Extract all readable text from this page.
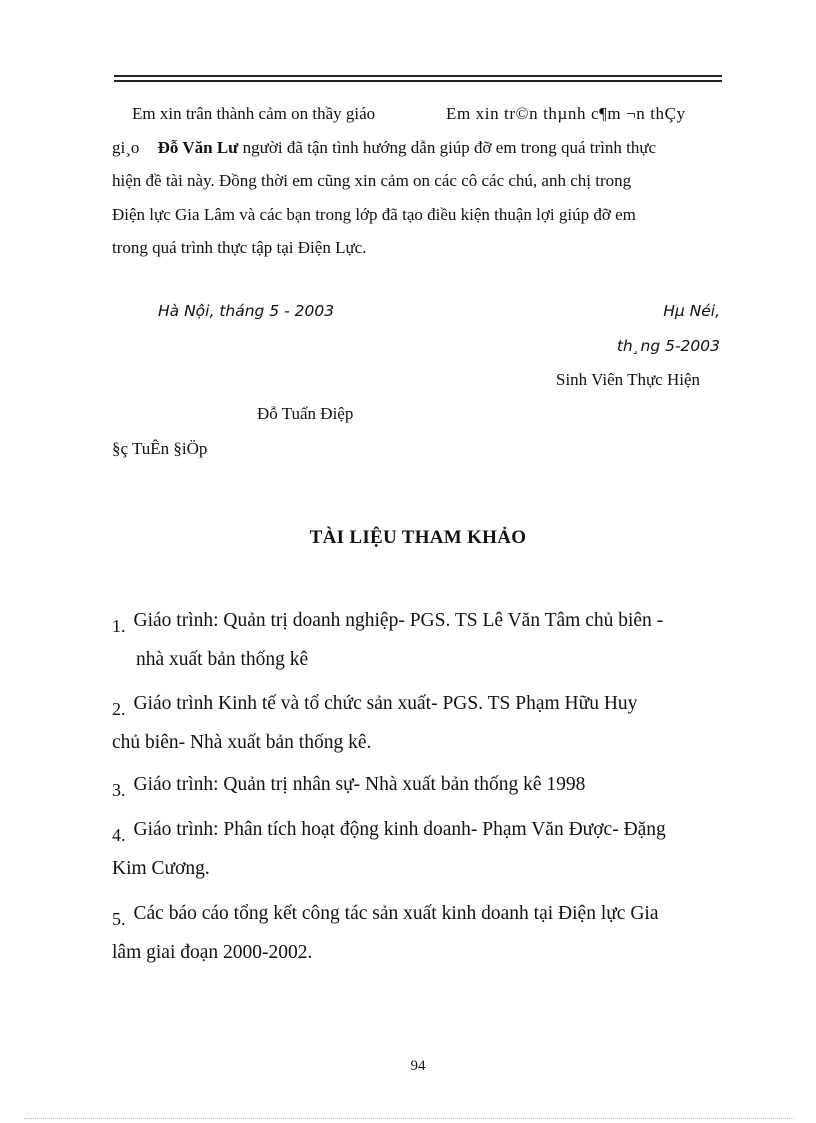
Em xin trân thành cảm on thầy giáo	Em xin tr©n thµnh c¶m ¬n thÇy
gi¸o Đỗ Văn Lư người đã tận tình hướng dẫn giúp đỡ em trong quá trình thực
hiện đề tài này. Đồng thời em cũng xin cảm on các cô các chú, anh chị trong
Điện lực Gia Lâm và các bạn trong lớp đã tạo điều kiện thuận lợi giúp đỡ em
trong quá trình thực tập tại Điện Lực.
Hà Nội, tháng 5 - 2003	Hµ Néi,
th¸ng 5-2003
Sinh Viên Thực Hiện
Đỗ Tuấn Điệp
§ç TuÊn §iÖp
TÀI LIỆU THAM KHẢO
1. Giáo trình: Quản trị doanh nghiệp- PGS. TS Lê Văn Tâm chủ biên -
nhà xuất bản thống kê
2. Giáo trình Kinh tế và tổ chức sản xuất- PGS. TS Phạm Hữu Huy
chủ biên- Nhà xuất bản thống kê.
3. Giáo trình: Quản trị nhân sự- Nhà xuất bản thống kê 1998
4. Giáo trình: Phân tích hoạt động kinh doanh- Phạm Văn Được- Đặng
Kim Cương.
5. Các báo cáo tổng kết công tác sản xuất kinh doanh tại Điện lực Gia
lâm giai đoạn 2000-2002.
94
